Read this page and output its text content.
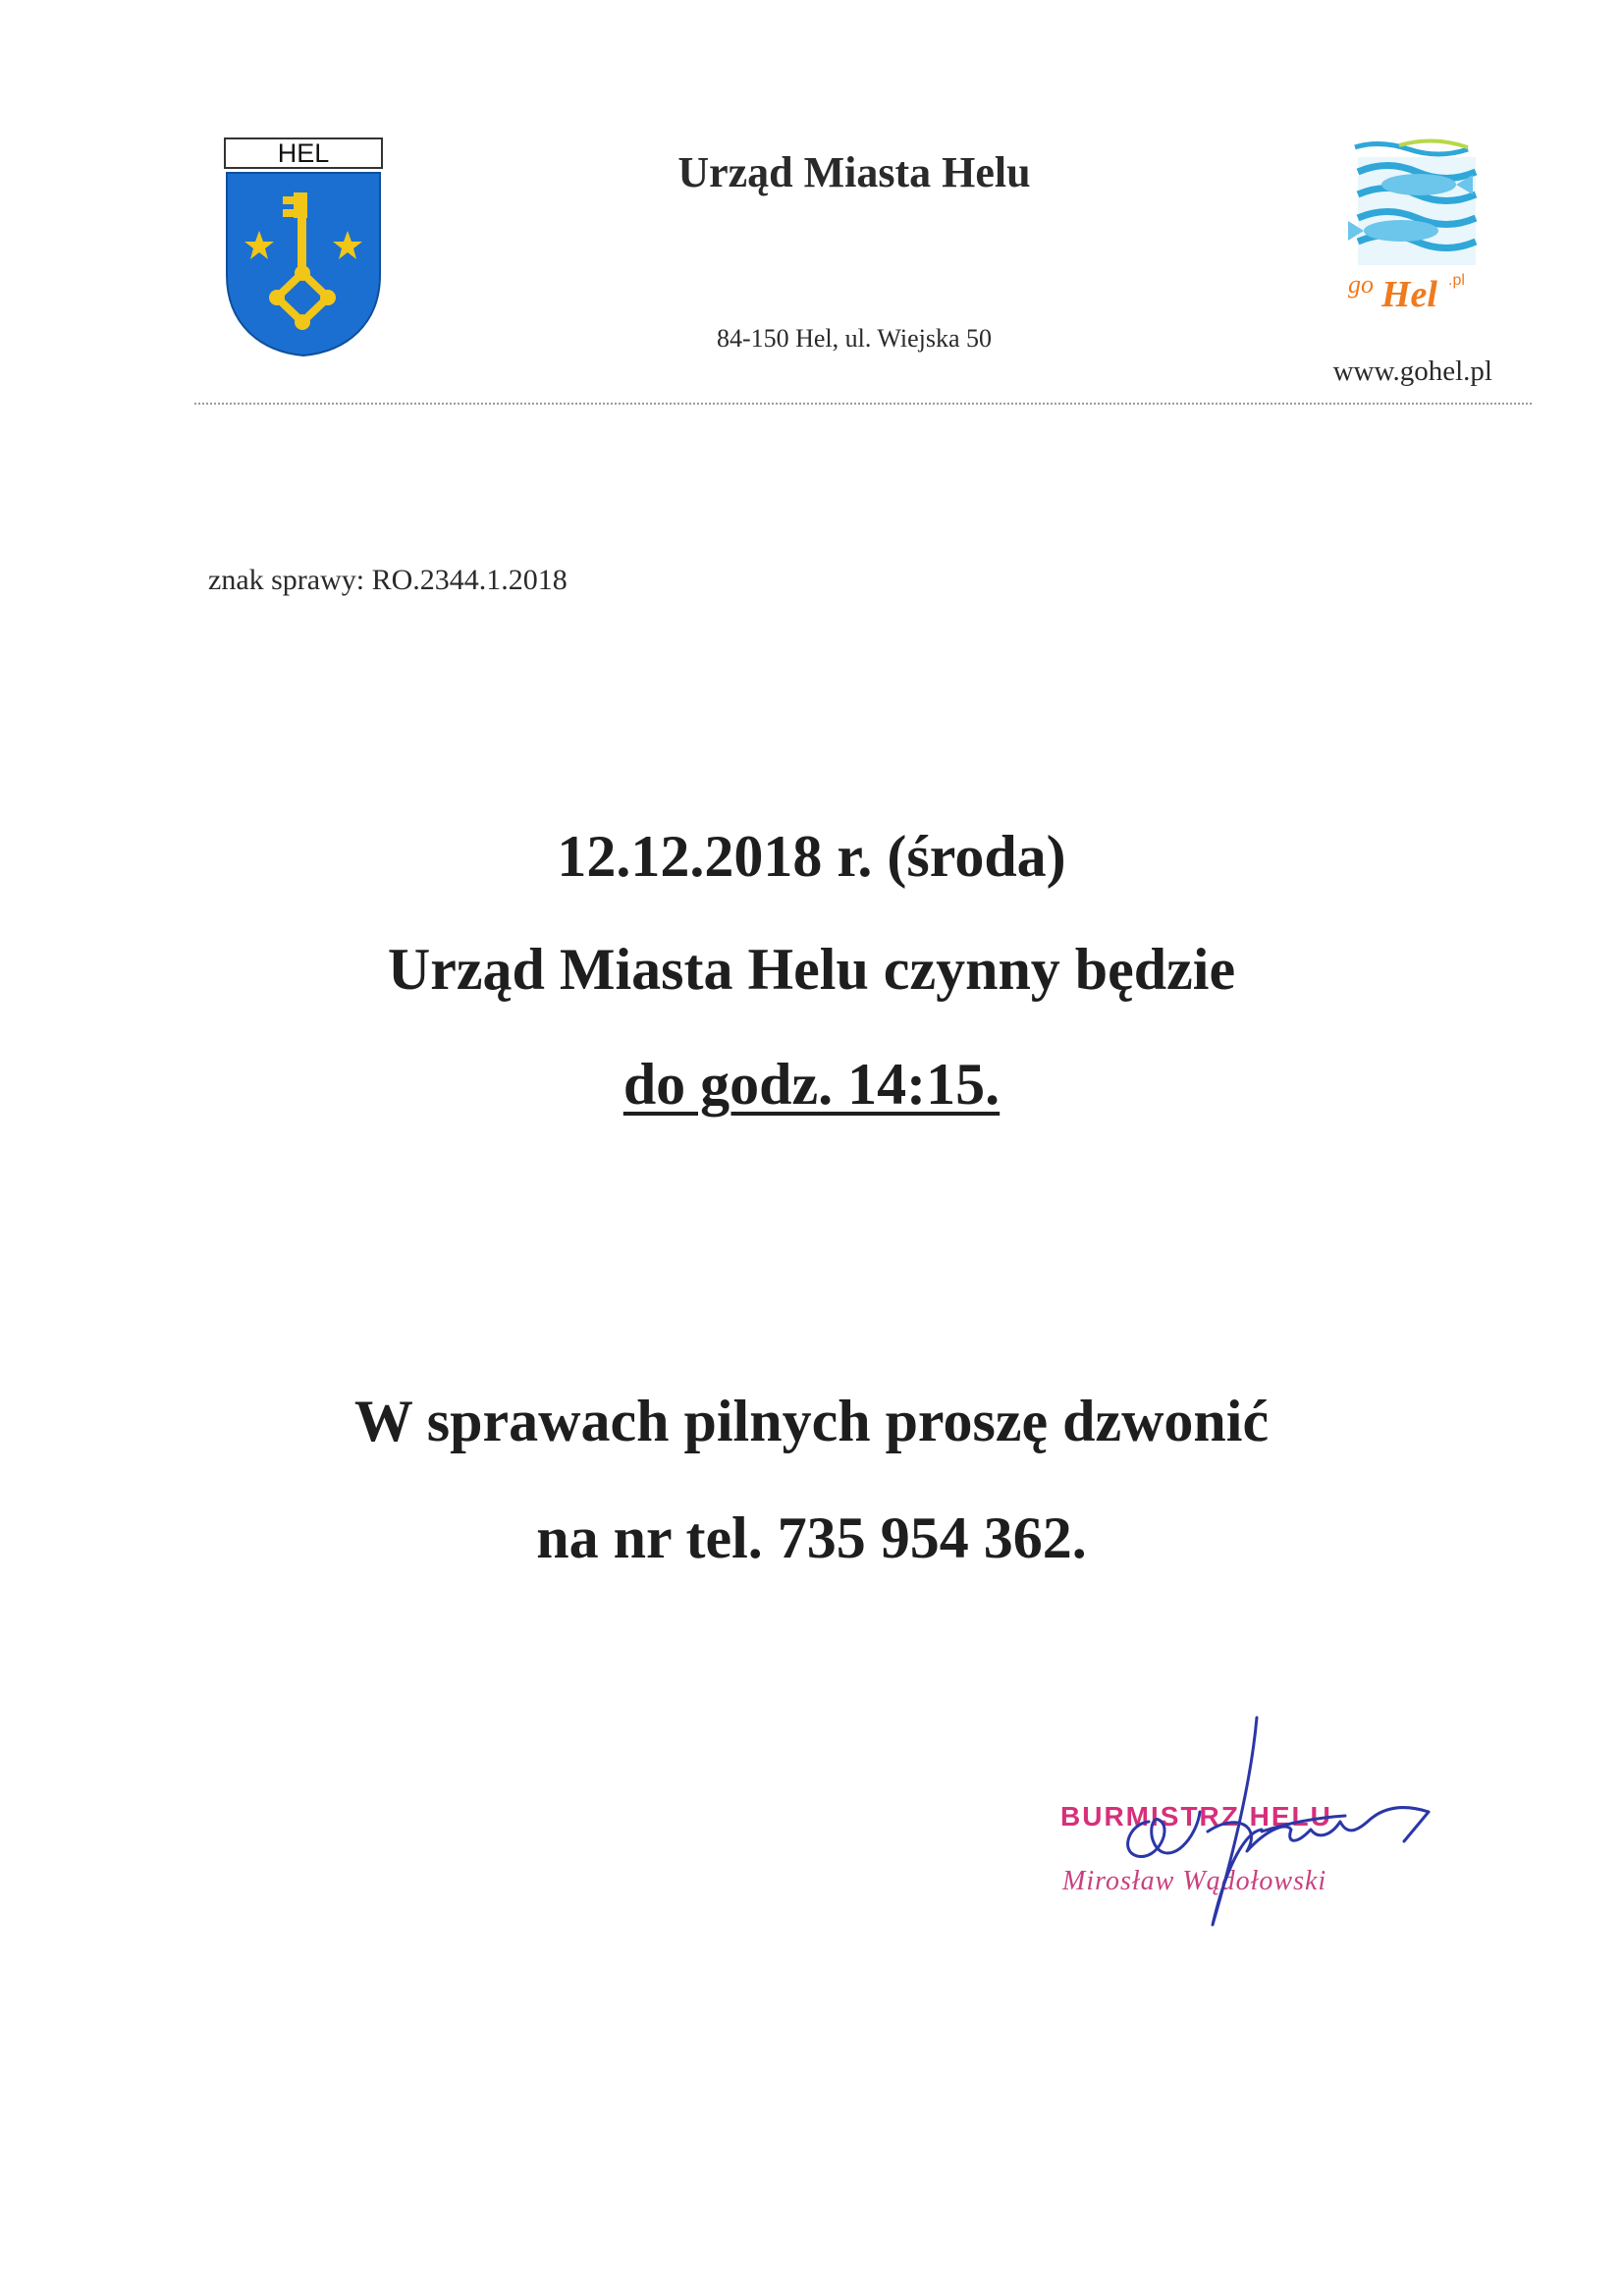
HEL	Urząd Miasta Helu
84-150 Hel, ul. Wiejska 50
go Hel .pl
www.gohel.pl
znak sprawy: RO.2344.1.2018
12.12.2018 r. (środa)
Urząd Miasta Helu czynny będzie
do godz. 14:15.
W sprawach pilnych proszę dzwonić
na nr tel. 735 954 362.
BURMISTRZ HELU
Mirosław Wądołowski
